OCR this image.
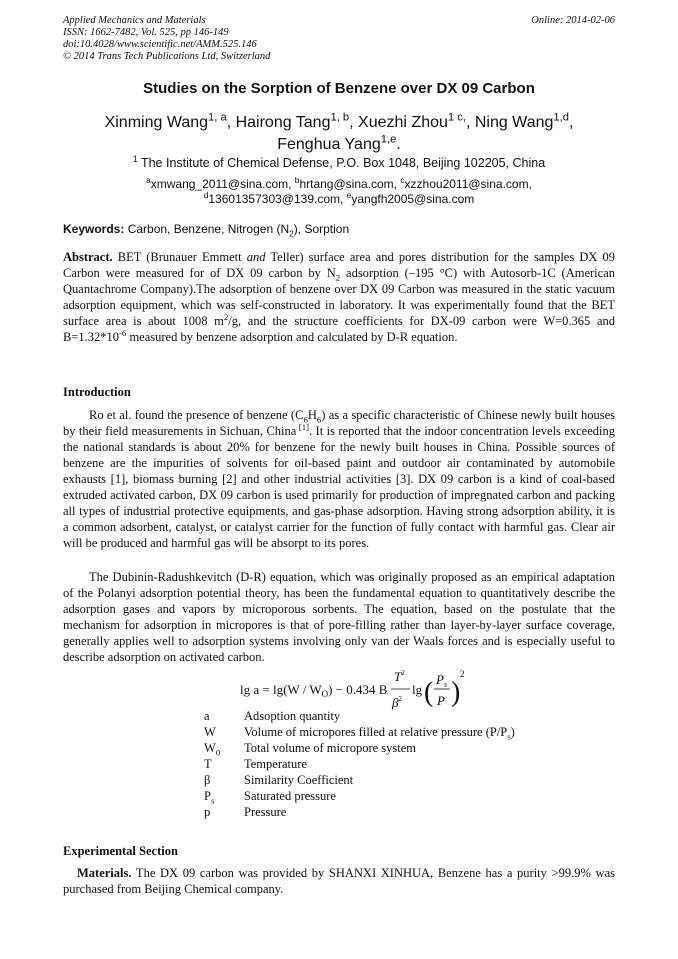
Applied Mechanics and Materials
ISSN: 1662-7482, Vol. 525, pp 146-149
doi:10.4028/www.scientific.net/AMM.525.146
© 2014 Trans Tech Publications Ltd, Switzerland
Online: 2014-02-06
Studies on the Sorption of Benzene over DX 09 Carbon
Xinming Wang$^{1, a}$, Hairong Tang$^{1, b}$, Xuezhi Zhou$^{1 c,}$, Ning Wang$^{1,d}$,
Fenghua Yang$^{1,e}$.
$^1$ The Institute of Chemical Defense, P.O. Box 1048, Beijing 102205, China
$^a$xmwang_2011@sina.com, $^b$hrtang@sina.com, $^c$xzzhou2011@sina.com,
$^d$13601357303@139.com, $^e$yangfh2005@sina.com
Keywords: Carbon, Benzene, Nitrogen $(N_2)$, Sorption
Abstract. BET (Brunauer Emmett and Teller) surface area and pores distribution for the samples DX 09 Carbon were measured for of DX 09 carbon by $N_2$ adsorption (–195 °C) with Autosorb-1C (American Quantachrome Company).The adsorption of benzene over DX 09 Carbon was measured in the static vacuum adsorption equipment, which was self-constructed in laboratory. It was experimentally found that the BET surface area is about 1008 $m^2/g$, and the structure coefficients for DX-09 carbon were W=0.365 and $B=1.32*10^{-6}$ measured by benzene adsorption and calculated by D-R equation.
Introduction
Ro et al. found the presence of benzene $(C_6H_6)$ as a specific characteristic of Chinese newly built houses by their field measurements in Sichuan, China [1]. It is reported that the indoor concentration levels exceeding the national standards is about 20% for benzene for the newly built houses in China. Possible sources of benzene are the impurities of solvents for oil-based paint and outdoor air contaminated by automobile exhausts [1], biomass burning [2] and other industrial activities [3]. DX 09 carbon is a kind of coal-based extruded activated carbon, DX 09 carbon is used primarily for production of impregnated carbon and packing all types of industrial protective equipments, and gas-phase adsorption. Having strong adsorption ability, it is a common adsorbent, catalyst, or catalyst carrier for the function of fully contact with harmful gas. Clear air will be produced and harmful gas will be absorpt to its pores.
The Dubinin-Radushkevitch (D-R) equation, which was originally proposed as an empirical adaptation of the Polanyi adsorption potential theory, has been the fundamental equation to quantitatively describe the adsorption gases and vapors by microporous sorbents. The equation, based on the postulate that the mechanism for adsorption in micropores is that of pore-filling rather than layer-by-layer surface coverage, generally applies well to adsorption systems involving only van der Waals forces and is especially useful to describe adsorption on activated carbon.
$\lg a = \lg(W / W_O) - 0.434$ B
$T^2$
$\beta^2$
lg ( $P_s$
P )
2
a	Adsoption quantity
W	Volume of micropores filled at relative pressure $(P/P_s)$
$W_0$	Total volume of micropore system
T	Temperature
β	Similarity Coefficient
$P_s$	Saturated pressure
p	Pressure
Experimental Section
Materials. The DX 09 carbon was provided by SHANXI XINHUA, Benzene has a purity >99.9% was purchased from Beijing Chemical company.
